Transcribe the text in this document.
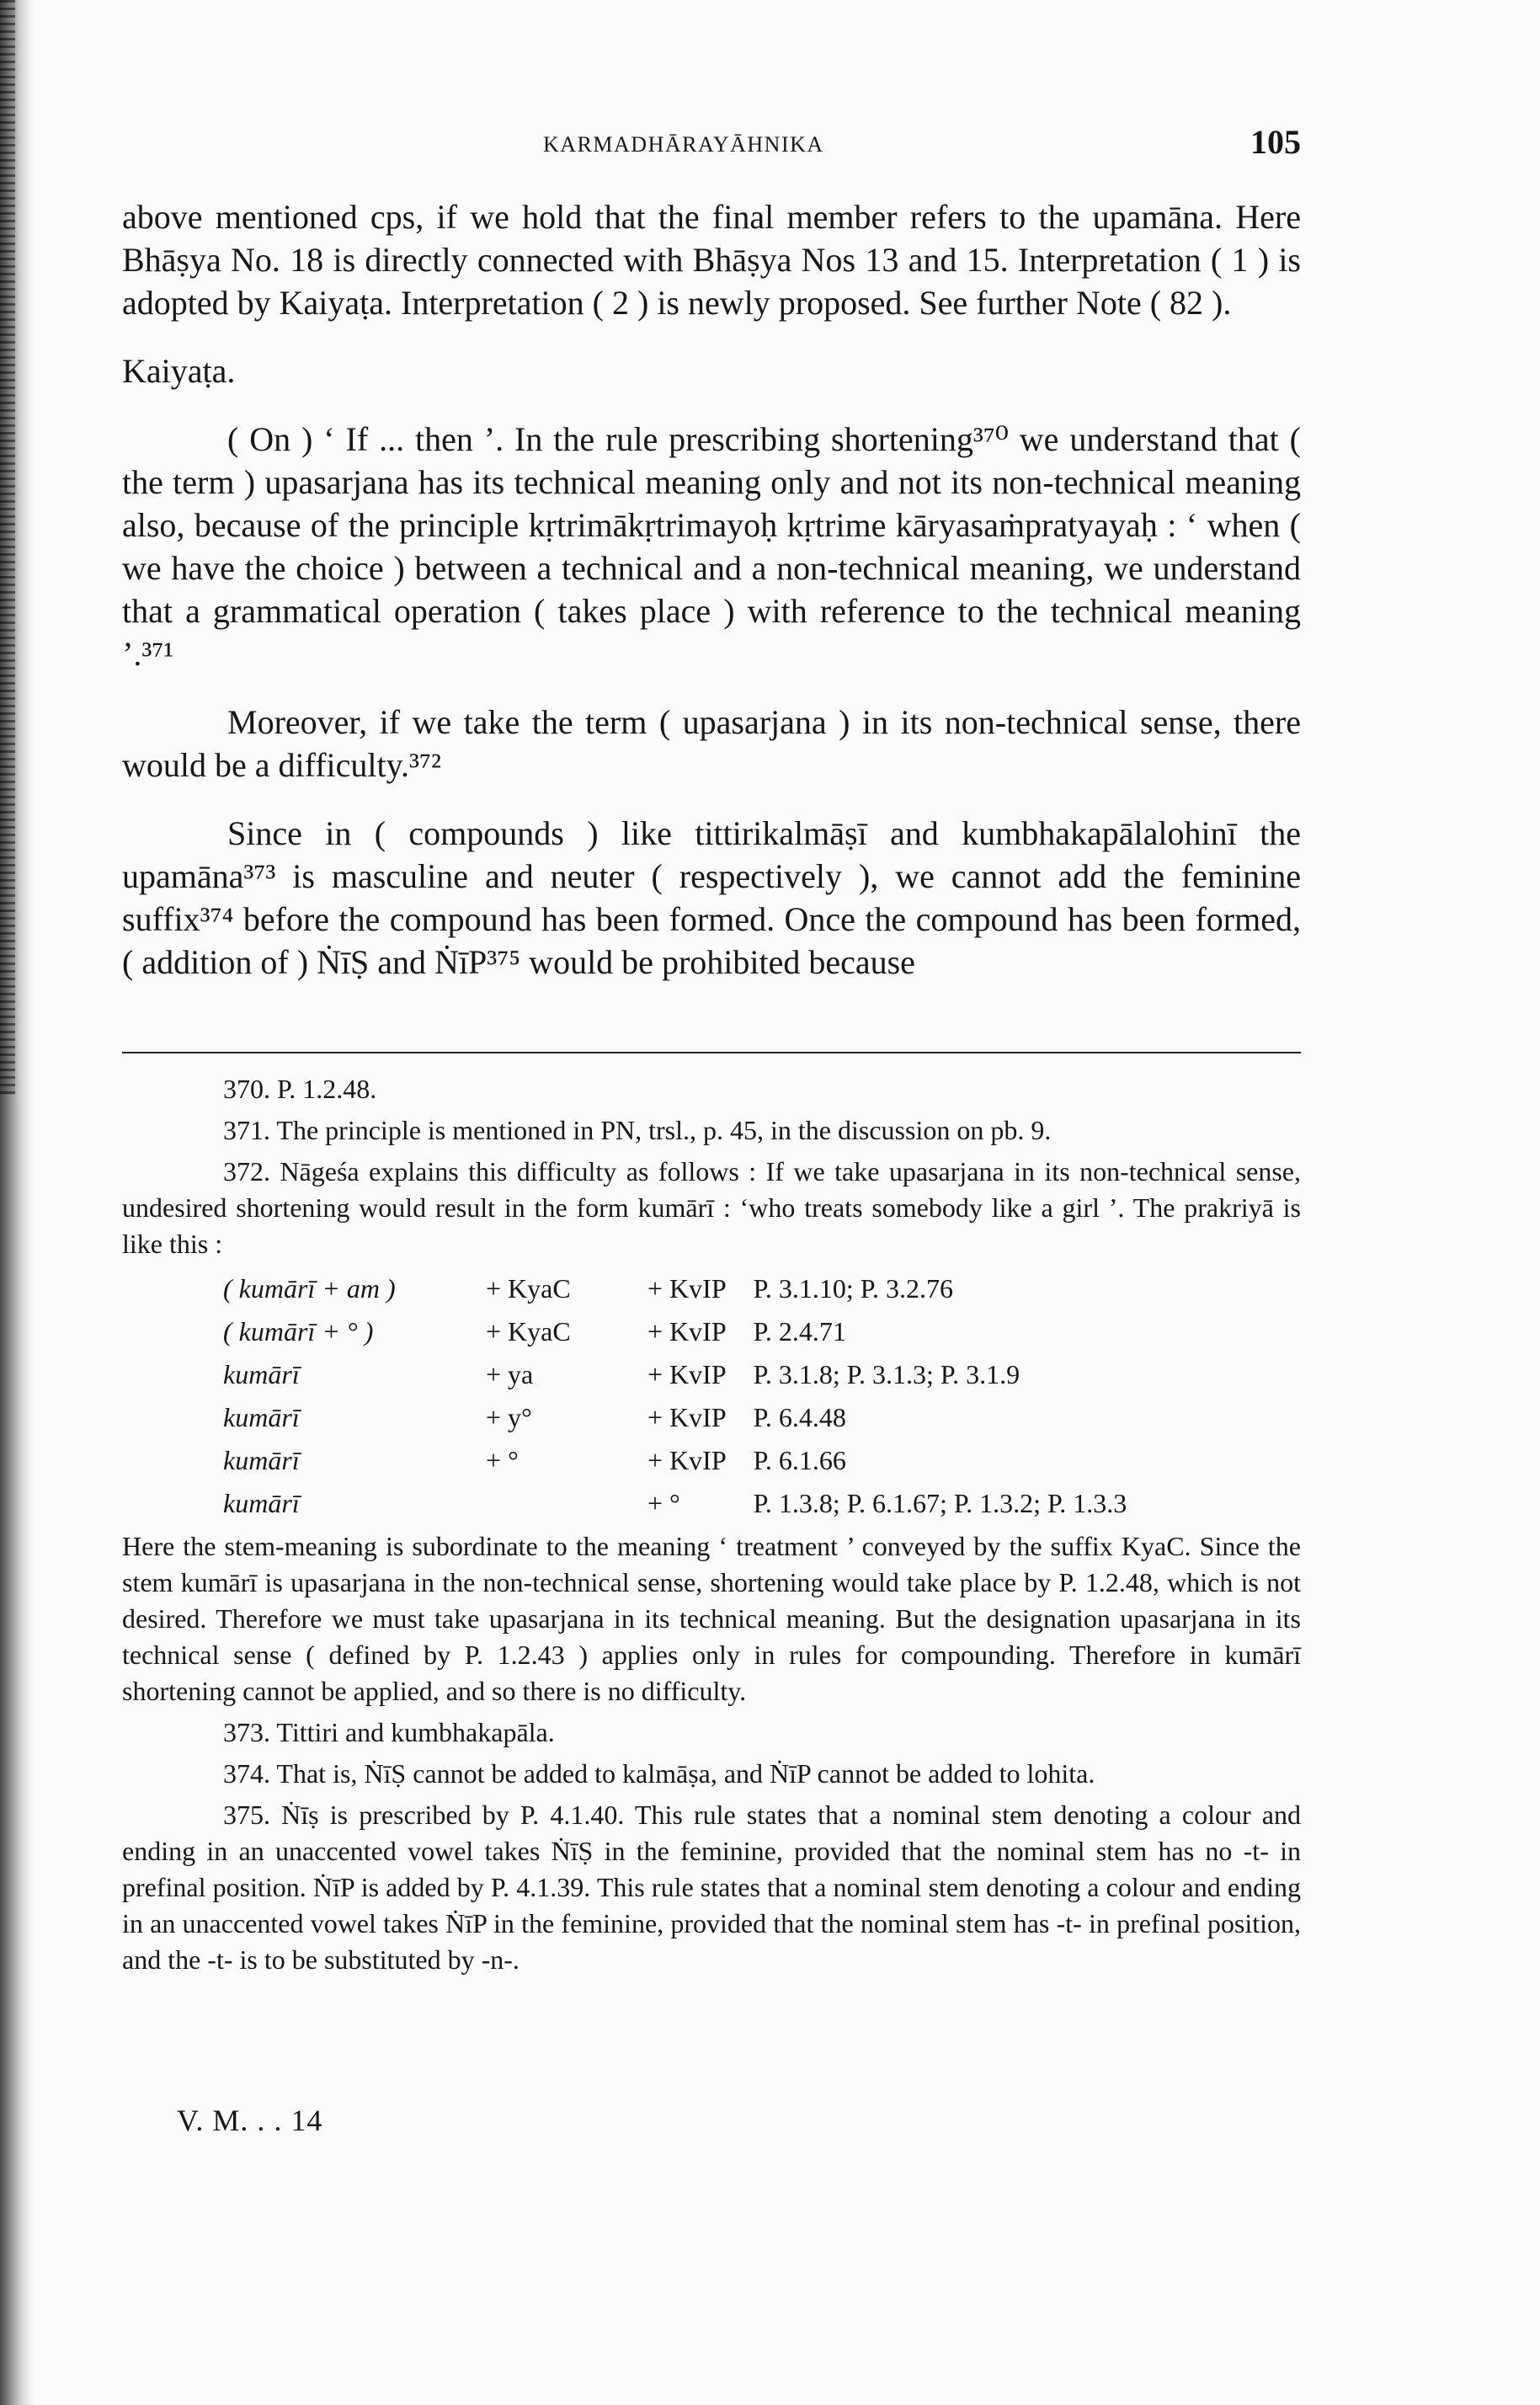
KARMADHĀRAYĀHNIKA	105

above mentioned cps, if we hold that the final member refers to the upamāna. Here Bhāṣya No. 18 is directly connected with Bhāṣya Nos 13 and 15. Interpretation ( 1 ) is adopted by Kaiyaṭa. Interpretation ( 2 ) is newly proposed. See further Note ( 82 ).

Kaiyaṭa.

( On ) ‘ If ... then ’. In the rule prescribing shortening³⁷⁰ we understand that ( the term ) upasarjana has its technical meaning only and not its non-technical meaning also, because of the principle kṛtrimākṛtrimayoḥ kṛtrime kāryasaṁpratyayaḥ : ‘ when ( we have the choice ) between a technical and a non-technical meaning, we understand that a grammatical operation ( takes place ) with reference to the technical meaning ’.³⁷¹

Moreover, if we take the term ( upasarjana ) in its non-technical sense, there would be a difficulty.³⁷²

Since in ( compounds ) like tittirikalmāṣī and kumbhakapālalohinī the upamāna³⁷³ is masculine and neuter ( respectively ), we cannot add the feminine suffix³⁷⁴ before the compound has been formed. Once the compound has been formed, ( addition of ) ṄīṢ and ṄīP³⁷⁵ would be prohibited because

370. P. 1.2.48.

371. The principle is mentioned in PN, trsl., p. 45, in the discussion on pb. 9.

372. Nāgeśa explains this difficulty as follows : If we take upasarjana in its non-technical sense, undesired shortening would result in the form kumārī : ‘who treats somebody like a girl ’. The prakriyā is like this :

( kumārī + am )	+ KyaC	+ KvIP	P. 3.1.10; P. 3.2.76
( kumārī + ° )	+ KyaC	+ KvIP	P. 2.4.71
kumārī	+ ya	+ KvIP	P. 3.1.8; P. 3.1.3; P. 3.1.9
kumārī	+ y°	+ KvIP	P. 6.4.48
kumārī	+ °	+ KvIP	P. 6.1.66
kumārī		+ °	P. 1.3.8; P. 6.1.67; P. 1.3.2; P. 1.3.3

Here the stem-meaning is subordinate to the meaning ‘ treatment ’ conveyed by the suffix KyaC. Since the stem kumārī is upasarjana in the non-technical sense, shortening would take place by P. 1.2.48, which is not desired. Therefore we must take upasarjana in its technical meaning. But the designation upasarjana in its technical sense ( defined by P. 1.2.43 ) applies only in rules for compounding. Therefore in kumārī shortening cannot be applied, and so there is no difficulty.

373. Tittiri and kumbhakapāla.

374. That is, ṄīṢ cannot be added to kalmāṣa, and ṄīP cannot be added to lohita.

375. Ṅīṣ is prescribed by P. 4.1.40. This rule states that a nominal stem denoting a colour and ending in an unaccented vowel takes ṄīṢ in the feminine, provided that the nominal stem has no -t- in prefinal position. ṄīP is added by P. 4.1.39. This rule states that a nominal stem denoting a colour and ending in an unaccented vowel takes ṄīP in the feminine, provided that the nominal stem has -t- in prefinal position, and the -t- is to be substituted by -n-.

V. M. . . 14
